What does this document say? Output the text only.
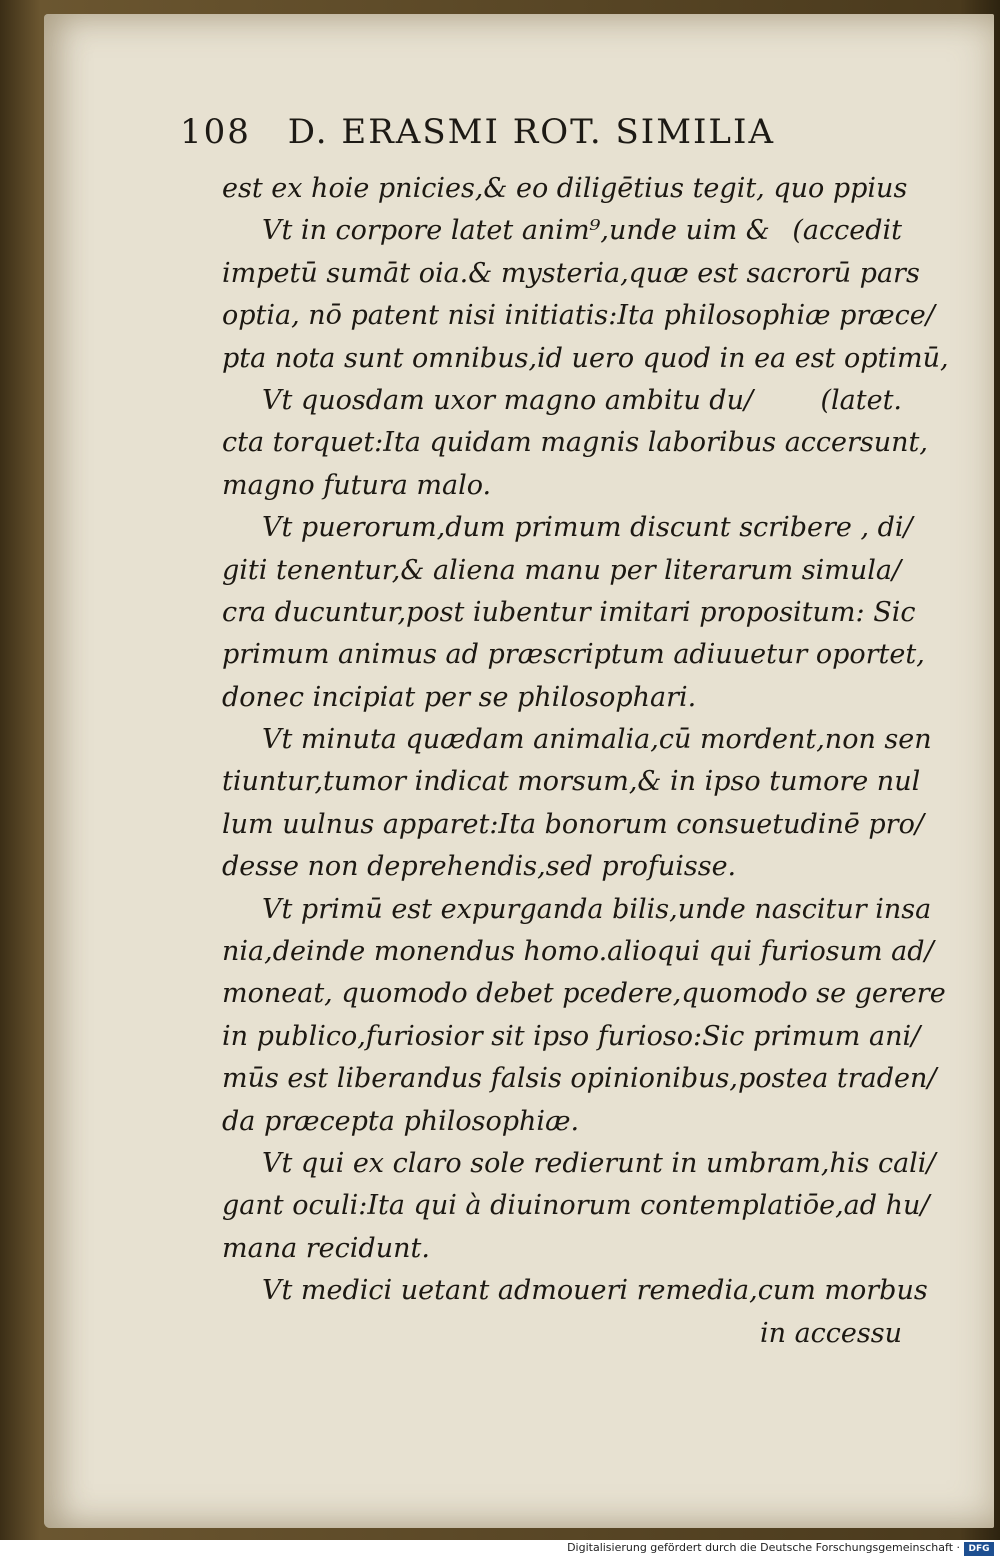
108 D. ERASMI ROT. SIMILIA
est ex hoie pnicies,& eo diligētius tegit, quo ppius
Vt in corpore latet anim⁹,unde uim & (accedit
impetū sumāt oia.& mysteria,quæ est sacrorū pars
optia, nō patent nisi initiatis:Ita philosophiæ præce/
pta nota sunt omnibus,id uero quod in ea est optimū,
Vt quosdam uxor magno ambitu du/ (latet.
cta torquet:Ita quidam magnis laboribus accersunt,
magno futura malo.
Vt puerorum,dum primum discunt scribere , di/
giti tenentur,& aliena manu per literarum simula/
cra ducuntur,post iubentur imitari propositum: Sic
primum animus ad præscriptum adiuuetur oportet,
donec incipiat per se philosophari.
Vt minuta quædam animalia,cū mordent,non sen
tiuntur,tumor indicat morsum,& in ipso tumore nul
lum uulnus apparet:Ita bonorum consuetudinē pro/
desse non deprehendis,sed profuisse.
Vt primū est expurganda bilis,unde nascitur insa
nia,deinde monendus homo.alioqui qui furiosum ad/
moneat, quomodo debet pcedere,quomodo se gerere
in publico,furiosior sit ipso furioso:Sic primum ani/
mūs est liberandus falsis opinionibus,postea traden/
da præcepta philosophiæ.
Vt qui ex claro sole redierunt in umbram,his cali/
gant oculi:Ita qui à diuinorum contemplatiōe,ad hu/
mana recidunt.
Vt medici uetant admoueri remedia,cum morbus
in accessu
Digitalisierung gefördert durch die Deutsche Forschungsgemeinschaft · DFG
